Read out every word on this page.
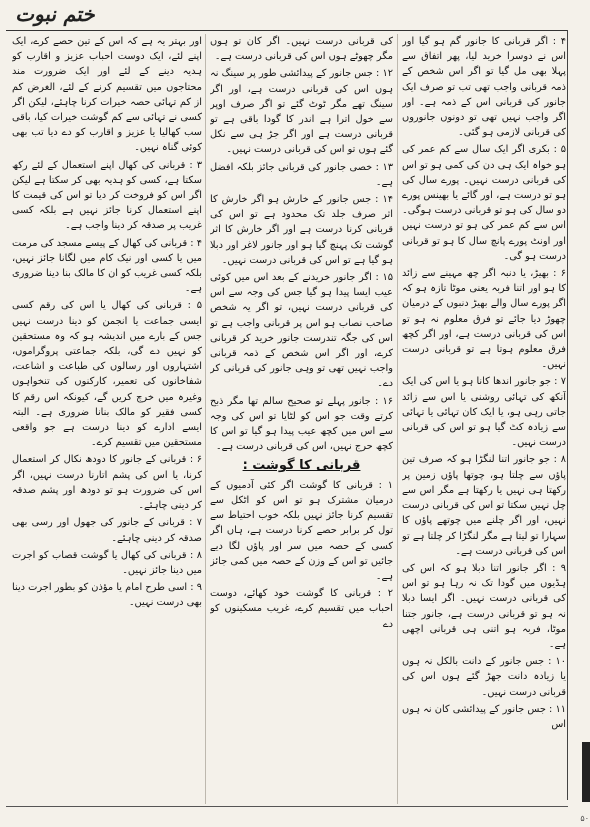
ختم نبوت

۴ : اگر قربانی کا جانور گم ہو گیا اور اس نے دوسرا خرید لیا، پھر اتفاق سے پہلا بھی مل گیا تو اگر اس شخص کے ذمہ قربانی واجب تھی تب تو صرف ایک جانور کی قربانی اس کے ذمہ ہے۔ اور اگر واجب نہیں تھی تو دونوں جانوروں کی قربانی لازمی ہو گئی۔

۵ : بکری اگر ایک سال سے کم عمر کی ہو خواہ ایک ہی دن کی کمی ہو تو اس کی قربانی درست نہیں۔ پورے سال کی ہو تو درست ہے، اور گائے یا بھینس پورے دو سال کی ہو تو قربانی درست ہوگی۔ اس سے کم عمر کی ہو تو درست نہیں اور اونٹ پورے پانچ سال کا ہو تو قربانی درست ہو گی۔

۶ : بھیڑ، یا دنبہ اگر چھ مہینے سے زائد کا ہو اور اتنا فربہ یعنی موٹا تازہ ہو کہ اگر پورے سال والے بھیڑ دنبوں کے درمیان چھوڑ دیا جائے تو فرق معلوم نہ ہو تو اس کی قربانی درست ہے، اور اگر کچھ فرق معلوم ہوتا ہے تو قربانی درست نہیں۔

۷ : جو جانور اندھا کانا ہو یا اس کی ایک آنکھ کی تہائی روشنی یا اس سے زائد جاتی رہی ہو، یا ایک کان تہائی یا تہائی سے زیادہ کٹ گیا ہو تو اس کی قربانی درست نہیں۔

۸ : جو جانور اتنا لنگڑا ہو کہ صرف تین پاؤں سے چلتا ہو، چوتھا پاؤں زمین پر رکھتا ہی نہیں یا رکھتا ہے مگر اس سے چل نہیں سکتا تو اس کی قربانی درست نہیں، اور اگر چلنے میں چوتھے پاؤں کا سہارا تو لیتا ہے مگر لنگڑا کر چلتا ہے تو اس کی قربانی درست ہے۔

۹ : اگر جانور اتنا دبلا ہو کہ اس کی ہڈیوں میں گودا تک نہ رہا ہو تو اس کی قربانی درست نہیں۔ اگر ایسا دبلا نہ ہو تو قربانی درست ہے، جانور جتنا موٹا، فربہ ہو اتنی ہی قربانی اچھی ہے۔

۱۰ : جس جانور کے دانت بالکل نہ ہوں یا زیادہ دانت جھڑ گئے ہوں اس کی قربانی درست نہیں۔

۱۱ : جس جانور کے پیدائشی کان نہ ہوں اس

کی قربانی درست نہیں۔ اگر کان تو ہوں مگر چھوٹے ہوں اس کی قربانی درست ہے۔

۱۲ : جس جانور کے پیدائشی طور پر سینگ نہ ہوں اس کی قربانی درست ہے، اور اگر سینگ تھے مگر ٹوٹ گئے تو اگر صرف اوپر سے خول اترا ہے اندر کا گودا باقی ہے تو قربانی درست ہے اور اگر جڑ ہی سے نکل گئے ہوں تو اس کی قربانی درست نہیں۔

۱۳ : خصی جانور کی قربانی جائز بلکہ افضل ہے۔

۱۴ : جس جانور کے خارش ہو اگر خارش کا اثر صرف جلد تک محدود ہے تو اس کی قربانی کرنا درست ہے اور اگر خارش کا اثر گوشت تک پہنچ گیا ہو اور جانور لاغر اور دبلا ہو گیا ہے تو اس کی قربانی درست نہیں۔

۱۵ : اگر جانور خریدنے کے بعد اس میں کوئی عیب ایسا پیدا ہو گیا جس کی وجہ سے اس کی قربانی درست نہیں، تو اگر یہ شخص صاحب نصاب ہو اس پر قربانی واجب ہے تو اس کی جگہ تندرست جانور خرید کر قربانی کرے، اور اگر اس شخص کے ذمہ قربانی واجب نہیں تھی تو وہی جانور کی قربانی کر دے۔

۱۶ : جانور پہلے تو صحیح سالم تھا مگر ذبح کرتے وقت جو اس کو لٹایا تو اس کی وجہ سے اس میں کچھ عیب پیدا ہو گیا تو اس کا کچھ حرج نہیں، اس کی قربانی درست ہے۔

قربانی کا گوشت :

۱ : قربانی کا گوشت اگر کئی آدمیوں کے درمیان مشترک ہو تو اس کو اٹکل سے تقسیم کرنا جائز نہیں بلکہ خوب احتیاط سے تول کر برابر حصے کرنا درست ہے، ہاں اگر کسی کے حصہ میں سر اور پاؤں لگا دیے جائیں تو اس کے وزن کے حصہ میں کمی جائز ہے۔

۲ : قربانی کا گوشت خود کھائے، دوست احباب میں تقسیم کرے، غریب مسکینوں کو دے

اور بہتر یہ ہے کہ اس کے تین حصے کرے، ایک اپنے لئے، ایک دوست احباب عزیز و اقارب کو ہدیہ دینے کے لئے اور ایک ضرورت مند محتاجوں میں تقسیم کرنے کے لئے، الغرض کم از کم تہائی حصہ خیرات کرنا چاہئے، لیکن اگر کسی نے تہائی سے کم گوشت خیرات کیا، باقی سب کھالیا یا عزیز و اقارب کو دے دیا تب بھی کوئی گناہ نہیں۔

۳ : قربانی کی کھال اپنے استعمال کے لئے رکھ سکتا ہے، کسی کو ہدیہ بھی کر سکتا ہے لیکن اگر اس کو فروخت کر دیا تو اس کی قیمت کا اپنے استعمال کرنا جائز نہیں ہے بلکہ کسی غریب پر صدقہ کر دینا واجب ہے۔

۴ : قربانی کی کھال کے پیسے مسجد کی مرمت میں یا کسی اور نیک کام میں لگانا جائز نہیں، بلکہ کسی غریب کو ان کا مالک بنا دینا ضروری ہے۔

۵ : قربانی کی کھال یا اس کی رقم کسی ایسی جماعت یا انجمن کو دینا درست نہیں جس کے بارے میں اندیشہ ہو کہ وہ مستحقین کو نہیں دے گی، بلکہ جماعتی پروگراموں، اشتہاروں اور رسالوں کی طباعت و اشاعت، شفاخانوں کی تعمیر، کارکنوں کی تنخواہوں وغیرہ میں خرچ کریں گے، کیونکہ اس رقم کا کسی فقیر کو مالک بنانا ضروری ہے۔ البتہ ایسے ادارے کو دینا درست ہے جو واقعی مستحقین میں تقسیم کرے۔

۶ : قربانی کے جانور کا دودھ نکال کر استعمال کرنا، یا اس کی پشم اتارنا درست نہیں، اگر اس کی ضرورت ہو تو دودھ اور پشم صدقہ کر دینی چاہئے۔

۷ : قربانی کے جانور کی جھول اور رسی بھی صدقہ کر دینی چاہئے۔

۸ : قربانی کی کھال یا گوشت قصاب کو اجرت میں دینا جائز نہیں۔

۹ : اسی طرح امام یا مؤذن کو بطور اجرت دینا بھی درست نہیں۔

۵۰
